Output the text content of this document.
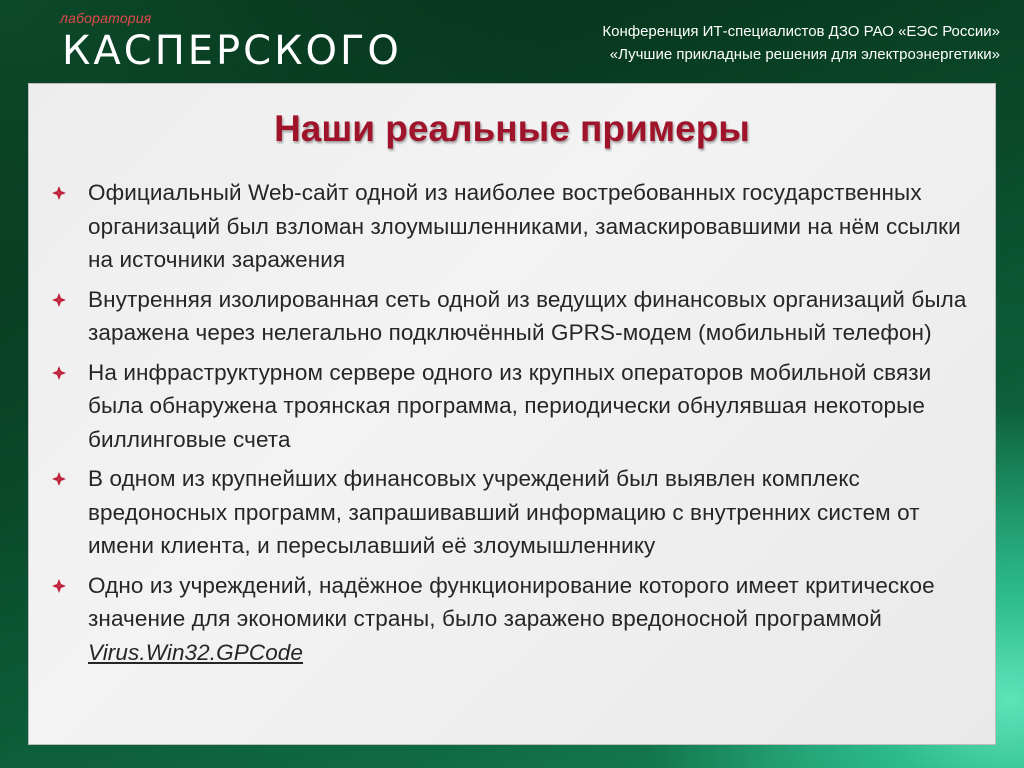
лаборатория
КАСПЕРСКОГО	Конференция ИТ-специалистов ДЗО РАО «ЕЭС России»
«Лучшие прикладные решения для электроэнергетики»
Наши реальные примеры
Официальный Web-сайт одной из наиболее востребованных государственных организаций был взломан злоумышленниками, замаскировавшими на нём ссылки на источники заражения
Внутренняя изолированная сеть одной из ведущих финансовых организаций была заражена через нелегально подключённый GPRS-модем (мобильный телефон)
На инфраструктурном сервере одного из крупных операторов мобильной связи была обнаружена троянская программа, периодически обнулявшая некоторые биллинговые счета
В одном из крупнейших финансовых учреждений был выявлен комплекс вредоносных программ, запрашивавший информацию с внутренних систем от имени клиента, и пересылавший её злоумышленнику
Одно из учреждений, надёжное функционирование которого имеет критическое значение для экономики страны, было заражено вредоносной программой Virus.Win32.GPCode
